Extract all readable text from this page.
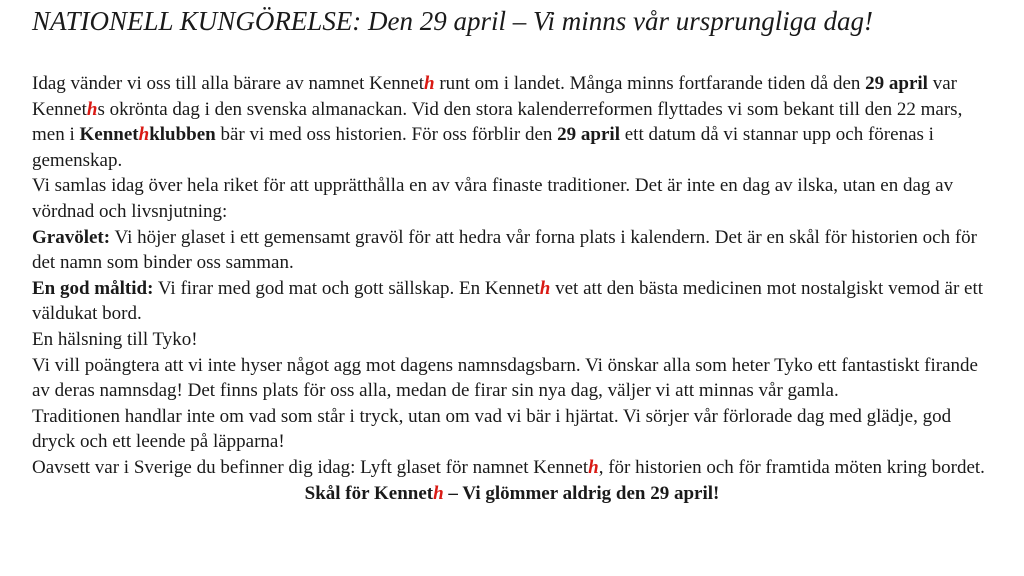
NATIONELL KUNGÖRELSE: Den 29 april – Vi minns vår ursprungliga dag!

Idag vänder vi oss till alla bärare av namnet Kenneth runt om i landet. Många minns fortfarande tiden då den 29 april var Kenneths okrönta dag i den svenska almanackan. Vid den stora kalenderreformen flyttades vi som bekant till den 22 mars, men i Kennethklubben bär vi med oss historien. För oss förblir den 29 april ett datum då vi stannar upp och förenas i gemenskap.

Vi samlas idag över hela riket för att upprätthålla en av våra finaste traditioner. Det är inte en dag av ilska, utan en dag av vördnad och livsnjutning:

Gravölet: Vi höjer glaset i ett gemensamt gravöl för att hedra vår forna plats i kalendern. Det är en skål för historien och för det namn som binder oss samman.

En god måltid: Vi firar med god mat och gott sällskap. En Kenneth vet att den bästa medicinen mot nostalgiskt vemod är ett väldukat bord.

En hälsning till Tyko!

Vi vill poängtera att vi inte hyser något agg mot dagens namnsdagsbarn. Vi önskar alla som heter Tyko ett fantastiskt firande av deras namnsdag! Det finns plats för oss alla, medan de firar sin nya dag, väljer vi att minnas vår gamla.

Traditionen handlar inte om vad som står i tryck, utan om vad vi bär i hjärtat. Vi sörjer vår förlorade dag med glädje, god dryck och ett leende på läpparna!

Oavsett var i Sverige du befinner dig idag: Lyft glaset för namnet Kenneth, för historien och för framtida möten kring bordet.

Skål för Kenneth – Vi glömmer aldrig den 29 april!
